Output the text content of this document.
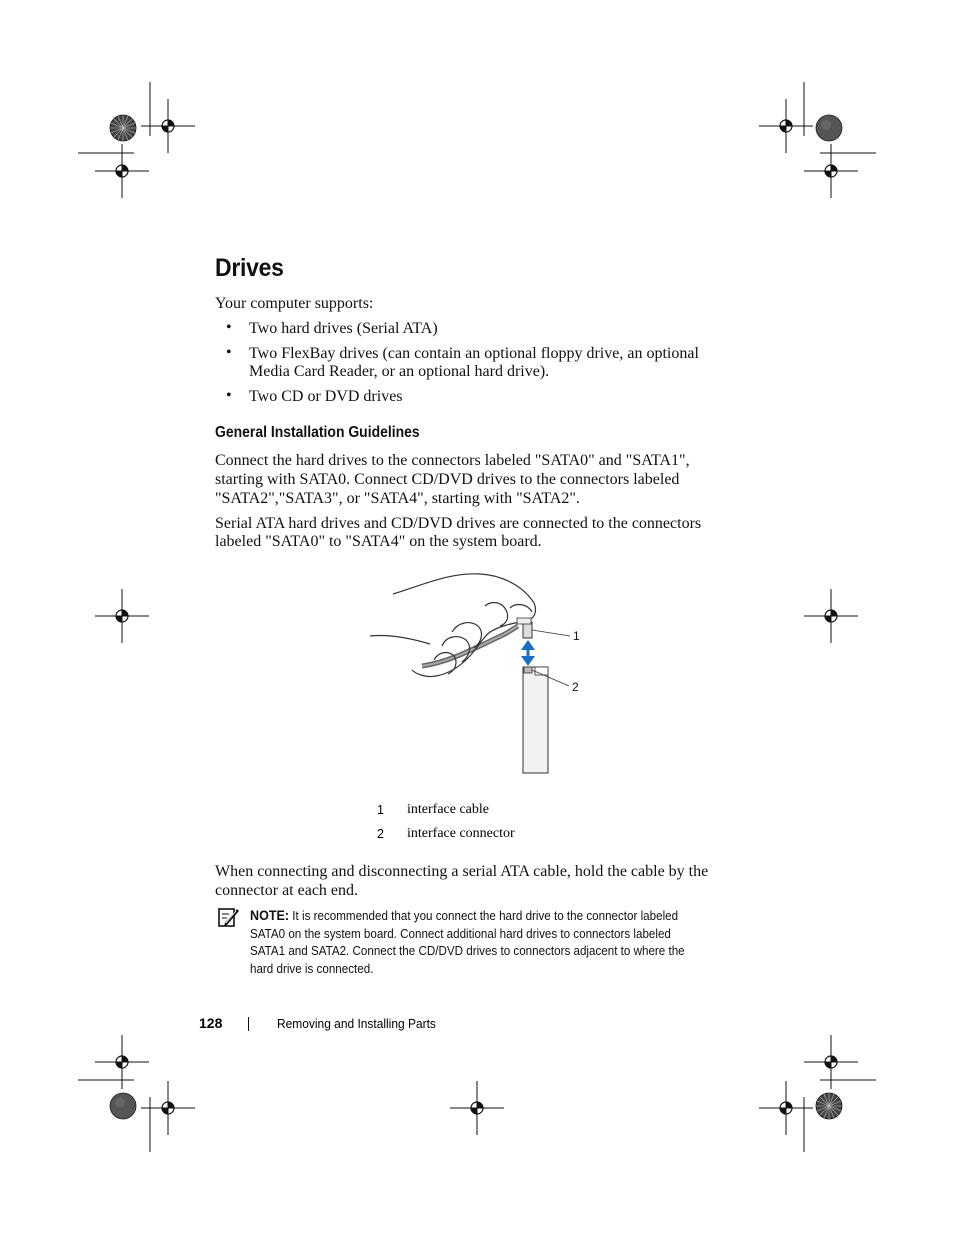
Drives

Your computer supports:

• Two hard drives (Serial ATA)

• Two FlexBay drives (can contain an optional floppy drive, an optional

Media Card Reader, or an optional hard drive).

• Two CD or DVD drives

General Installation Guidelines

Connect the hard drives to the connectors labeled "SATA0" and "SATA1",

starting with SATA0. Connect CD/DVD drives to the connectors labeled

"SATA2","SATA3", or "SATA4", starting with "SATA2".

Serial ATA hard drives and CD/DVD drives are connected to the connectors

labeled "SATA0" to "SATA4" on the system board.

1
2
1 interface cable
2 interface connector

When connecting and disconnecting a serial ATA cable, hold the cable by the

connector at each end.

NOTE: It is recommended that you connect the hard drive to the connector labeled
SATA0 on the system board. Connect additional hard drives to connectors labeled
SATA1 and SATA2. Connect the CD/DVD drives to connectors adjacent to where the
hard drive is connected.
128	Removing and Installing Parts
